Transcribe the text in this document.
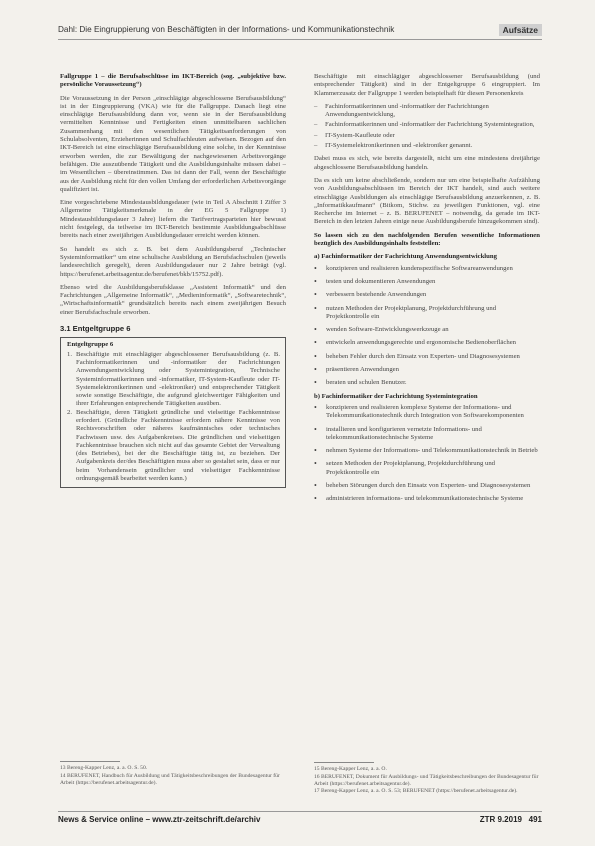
Dahl: Die Eingruppierung von Beschäftigten in der Informations- und Kommunikationstechnik	Aufsätze

Fallgruppe 1 – die Berufsabschlüsse im IKT-Bereich (sog. „subjektive bzw. persönliche Voraussetzung“)

Die Voraussetzung in der Person „einschlägige abgeschlossene Berufsausbildung“ ist in der Eingruppierung (VKA) wie für die Fallgruppe. Danach liegt eine einschlägige Berufsausbildung dann vor, wenn sie in der Berufsausbildung vermittelten Kenntnisse und Fertigkeiten einen unmittelbaren sachlichen Zusammenhang mit den wesentlichen Tätigkeitsanforderungen von Schulabsolventen, Erzieherinnen und Schulfachleuten aufweisen. Bezogen auf den IKT-Bereich ist eine einschlägige Berufsausbildung eine solche, in der Kenntnisse erworben werden, die zur Bewältigung der nachgewiesenen Arbeitsvorgänge befähigen. Die auszuübende Tätigkeit und die Ausbildungsinhalte müssen dabei – im Wesentlichen – übereinstimmen. Das ist dann der Fall, wenn der Beschäftigte aus der Ausbildung nicht für den vollen Umfang der erforderlichen Arbeitsvorgänge qualifiziert ist.

Eine vorgeschriebene Mindestausbildungsdauer (wie in Teil A Abschnitt I Ziffer 3 Allgemeine Tätigkeitsmerkmale in der EG 5 Fallgruppe 1) Mindestausbildungsdauer 3 Jahre) liefern die Tarifvertragsparteien hier bewusst nicht festgelegt, da teilweise im IKT-Bereich bestimmte Ausbildungsabschlüsse bereits nach einer zweijährigen Ausbildungsdauer erreicht werden können.

So handelt es sich z. B. bei dem Ausbildungsberuf „Technischer Systeminformatiker“ um eine schulische Ausbildung an Berufsfachschulen (jeweils landesrechtlich geregelt), deren Ausbildungsdauer nur 2 Jahre beträgt (vgl. https://berufenet.arbeitsagentur.de/berufenet/bkb/15752.pdf).

Ebenso wird die Ausbildungsberufsklasse „Assistent Informatik“ und den Fachrichtungen „Allgemeine Informatik“, „Medieninformatik“, „Softwaretechnik“, „Wirtschaftsinformatik“ grundsätzlich bereits nach einem zweijährigen Besuch einer Berufsfachschule erworben.

3.1 Entgeltgruppe 6
Entgeltgruppe 6
1. Beschäftigte mit einschlägiger abgeschlossener Berufsausbildung (z. B. Fachinformatikerinnen und -informatiker der Fachrichtungen Anwendungsentwicklung oder Systemintegration, Technische Systeminformatikerinnen und -informatiker, IT-System-Kaufleute oder IT-Systemelektronikerinnen und -elektroniker) und entsprechender Tätigkeit sowie sonstige Beschäftigte, die aufgrund gleichwertiger Fähigkeiten und ihrer Erfahrungen entsprechende Tätigkeiten ausüben.
2. Beschäftigte, deren Tätigkeit gründliche und vielseitige Fachkenntnisse erfordert. (Gründliche Fachkenntnisse erfordern nähere Kenntnisse von Rechtsvorschriften oder näheres kaufmännisches oder technisches Fachwissen usw. des Aufgabenkreises. Die gründlichen und vielseitigen Fachkenntnisse brauchen sich nicht auf das gesamte Gebiet der Verwaltung (des Betriebes), bei der die Beschäftigte tätig ist, zu beziehen. Der Aufgabenkreis der/des Beschäftigten muss aber so gestaltet sein, dass er nur beim Vorhandensein gründlicher und vielseitiger Fachkenntnisse ordnungsgemäß bearbeitet werden kann.)
13 Bereng-Kapper Lenz, a. a. O. S. 50.
14 BERUFENET, Handbuch für Ausbildung und Tätigkeitsbeschreibungen der Bundesagentur für Arbeit (https://berufenet.arbeitsagentur.de).

Beschäftigte mit einschlägiger abgeschlossener Berufsausbildung (und entsprechender Tätigkeit) sind in der Entgeltgruppe 6 eingruppiert. Im Klammerzusatz der Fallgruppe 1 werden beispielhaft für diesen Personenkreis

–	Fachinformatikerinnen und -informatiker der Fachrichtungen Anwendungsentwicklung,
–	Fachinformatikerinnen und -informatiker der Fachrichtung Systemintegration,
–	IT-System-Kaufleute oder
–	IT-Systemelektronikerinnen und -elektroniker genannt.

Dabei muss es sich, wie bereits dargestellt, nicht um eine mindestens dreijährige abgeschlossene Berufsausbildung handeln.

Da es sich um keine abschließende, sondern nur um eine beispielhafte Aufzählung von Ausbildungsabschlüssen im Bereich der IKT handelt, sind auch weitere einschlägige Ausbildungen als einschlägige Berufsausbildung anzuerkennen, z. B. „Informatikkaufmann“ (Bitkom, Stichw. zu jeweiligen Funktionen, vgl. eine Recherche im Internet – z. B. BERUFENET – notwendig, da gerade im IKT-Bereich in den letzten Jahren einige neue Ausbildungsberufe hinzugekommen sind).

So lassen sich zu den nachfolgenden Berufen wesentliche Informationen bezüglich des Ausbildungsinhalts feststellen:

a) Fachinformatiker der Fachrichtung Anwendungsentwicklung
•	konzipieren und realisieren kundenspezifische Softwareanwendungen
•	testen und dokumentieren Anwendungen
•	verbessern bestehende Anwendungen
•	nutzen Methoden der Projektplanung, Projektdurchführung und Projektkontrolle ein
•	wenden Software-Entwicklungswerkzeuge an
•	entwickeln anwendungsgerechte und ergonomische Bedienoberflächen
•	beheben Fehler durch den Einsatz von Experten- und Diagnosesystemen
•	präsentieren Anwendungen
•	beraten und schulen Benutzer.
b) Fachinformatiker der Fachrichtung Systemintegration
•	konzipieren und realisieren komplexe Systeme der Informations- und Telekommunikationstechnik durch Integration von Softwarekomponenten
•	installieren und konfigurieren vernetzte Informations- und telekommunikationstechnische Systeme
•	nehmen Systeme der Informations- und Telekommunikationstechnik in Betrieb
•	setzen Methoden der Projektplanung, Projektdurchführung und Projektkontrolle ein
•	beheben Störungen durch den Einsatz von Experten- und Diagnosesystemen
•	administrieren informations- und telekommunikationstechnische Systeme
15 Bereng-Kapper Lenz, a. a. O.
16 BERUFENET, Dokument für Ausbildungs- und Tätigkeitsbeschreibungen der Bundesagentur für Arbeit (https://berufenet.arbeitsagentur.de).
17 Bereng-Kapper Lenz, a. a. O. S. 53; BERUFENET (https://berufenet.arbeitsagentur.de).
News & Service online – www.ztr-zeitschrift.de/archiv	ZTR 9.2019 491
